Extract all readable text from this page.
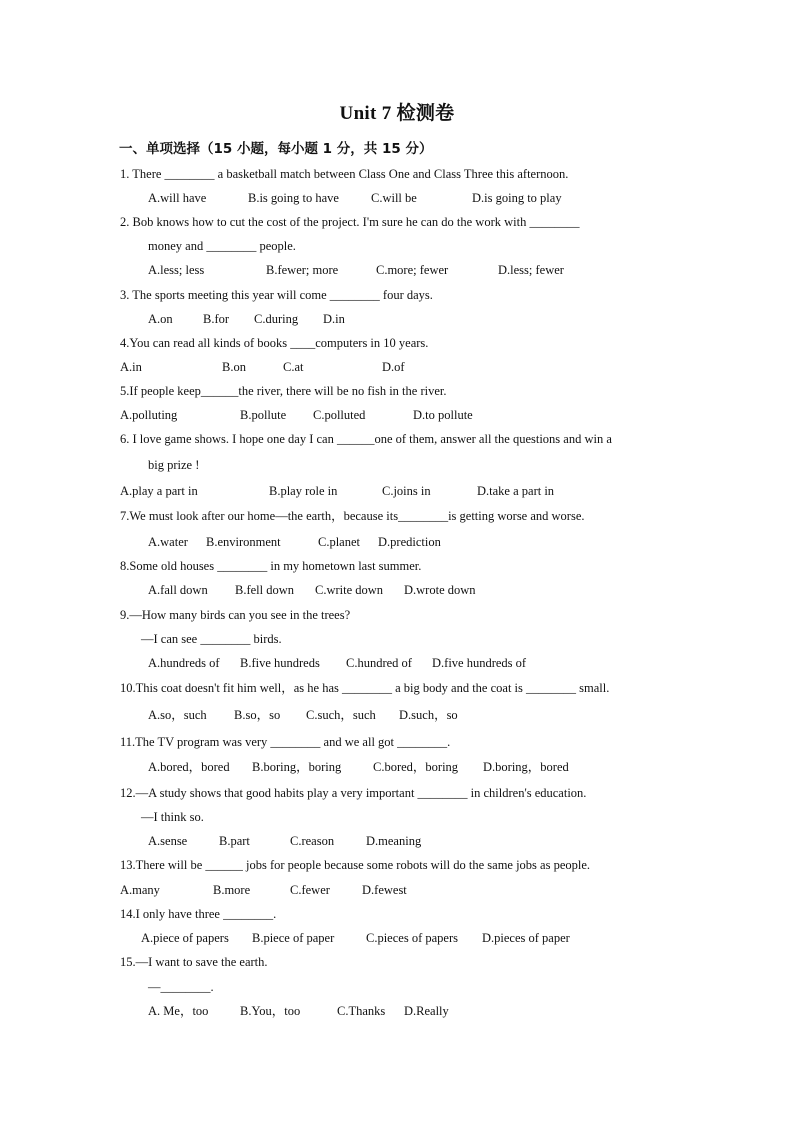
Unit 7 检测卷
一、单项选择（15 小题，每小题 1 分，共 15 分）
1. There ________ a basketball match between Class One and Class Three this afternoon.
A.will have	B.is going to have	C.will be	D.is going to play
2. Bob knows how to cut the cost of the project. I'm sure he can do the work with ________
money and ________ people.
A.less; less	B.fewer; more	C.more; fewer	D.less; fewer
3. The sports meeting this year will come ________ four days.
A.on B.for C.during D.in
4.You can read all kinds of books ____computers in 10 years.
A.in	B.on	C.at	D.of
5.If people keep______the river, there will be no fish in the river.
A.polluting	B.pollute C.polluted	D.to pollute
6. I love game shows. I hope one day I can ______one of them, answer all the questions and win a
big prize !
A.play a part in	B.play role in	C.joins in	D.take a part in
7.We must look after our home—the earth，because its________is getting worse and worse.
A.water B.environment	C.planet D.prediction
8.Some old houses ________ in my hometown last summer.
A.fall down B.fell down C.write down D.wrote down
9.—How many birds can you see in the trees?
—I can see ________ birds.
A.hundreds of B.five hundreds C.hundred of D.five hundreds of
10.This coat doesn't fit him well，as he has ________ a big body and the coat is ________ small.
A.so，such B.so，so C.such，such D.such，so
11.The TV program was very ________ and we all got ________.
A.bored，bored B.boring，boring	C.bored，boring D.boring，bored
12.—A study shows that good habits play a very important ________ in children's education.
—I think so.
A.sense	B.part	C.reason	D.meaning
13.There will be ______ jobs for people because some robots will do the same jobs as people.
A.many	B.more	C.fewer	D.fewest
14.I only have three ________.
A.piece of papers B.piece of paper	C.pieces of papers D.pieces of paper
15.—I want to save the earth.
—________.
A. Me，too	B.You，too	C.Thanks D.Really
